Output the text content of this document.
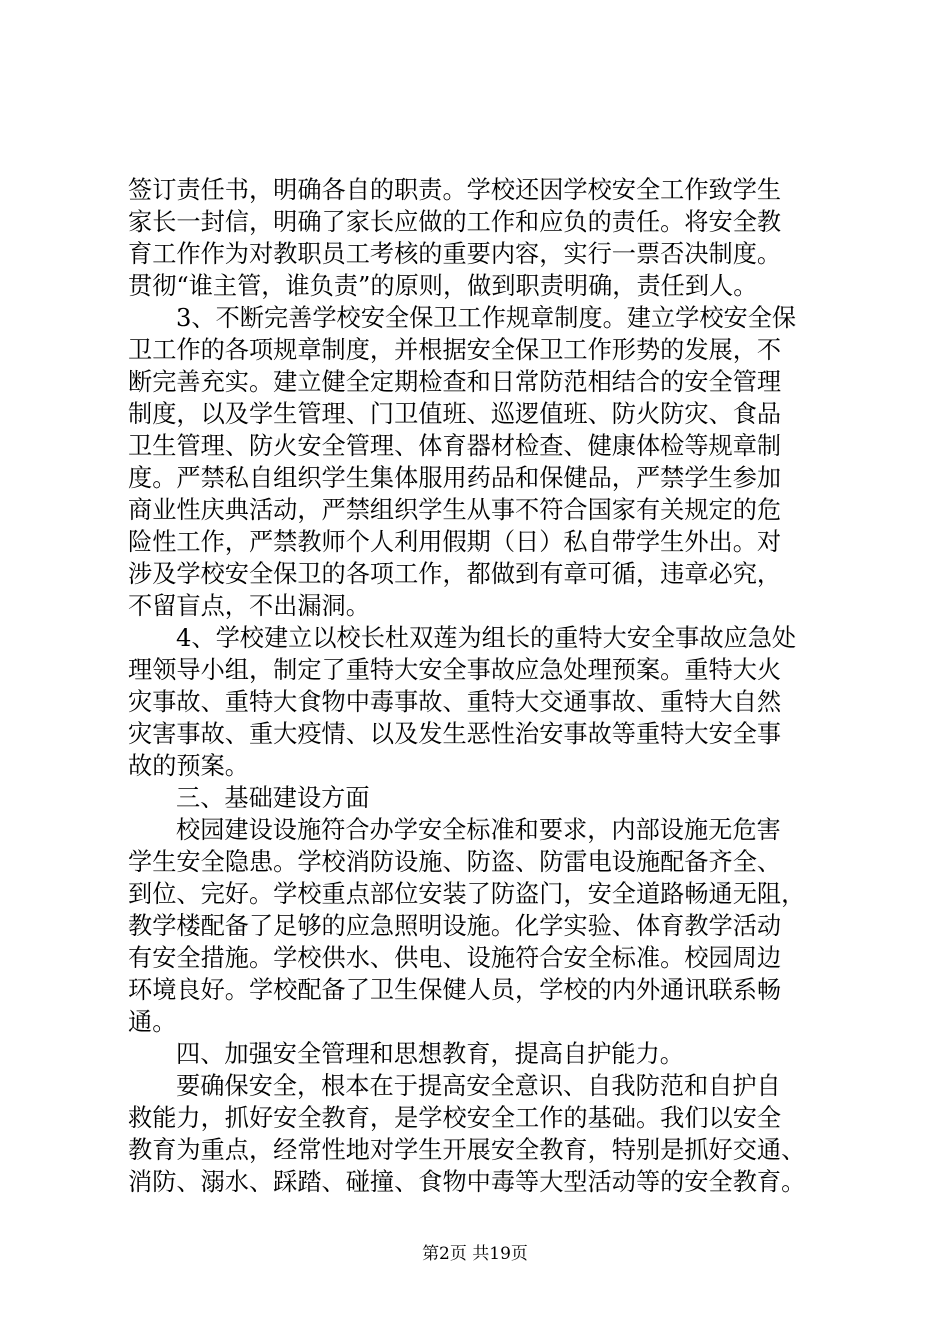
签订责任书，明确各自的职责。学校还因学校安全工作致学生
家长一封信，明确了家长应做的工作和应负的责任。将安全教
育工作作为对教职员工考核的重要内容，实行一票否决制度。
贯彻“谁主管，谁负责”的原则，做到职责明确，责任到人。
3、不断完善学校安全保卫工作规章制度。建立学校安全保
卫工作的各项规章制度，并根据安全保卫工作形势的发展，不
断完善充实。建立健全定期检查和日常防范相结合的安全管理
制度，以及学生管理、门卫值班、巡逻值班、防火防灾、食品
卫生管理、防火安全管理、体育器材检查、健康体检等规章制
度。严禁私自组织学生集体服用药品和保健品，严禁学生参加
商业性庆典活动，严禁组织学生从事不符合国家有关规定的危
险性工作，严禁教师个人利用假期（日）私自带学生外出。对
涉及学校安全保卫的各项工作，都做到有章可循，违章必究，
不留盲点，不出漏洞。
4、学校建立以校长杜双莲为组长的重特大安全事故应急处
理领导小组，制定了重特大安全事故应急处理预案。重特大火
灾事故、重特大食物中毒事故、重特大交通事故、重特大自然
灾害事故、重大疫情、以及发生恶性治安事故等重特大安全事
故的预案。
三、基础建设方面
校园建设设施符合办学安全标准和要求，内部设施无危害
学生安全隐患。学校消防设施、防盗、防雷电设施配备齐全、
到位、完好。学校重点部位安装了防盗门，安全道路畅通无阻，
教学楼配备了足够的应急照明设施。化学实验、体育教学活动
有安全措施。学校供水、供电、设施符合安全标准。校园周边
环境良好。学校配备了卫生保健人员，学校的内外通讯联系畅
通。
四、加强安全管理和思想教育，提高自护能力。
要确保安全，根本在于提高安全意识、自我防范和自护自
救能力，抓好安全教育，是学校安全工作的基础。我们以安全
教育为重点，经常性地对学生开展安全教育，特别是抓好交通、
消防、溺水、踩踏、碰撞、食物中毒等大型活动等的安全教育。
第2页 共19页
